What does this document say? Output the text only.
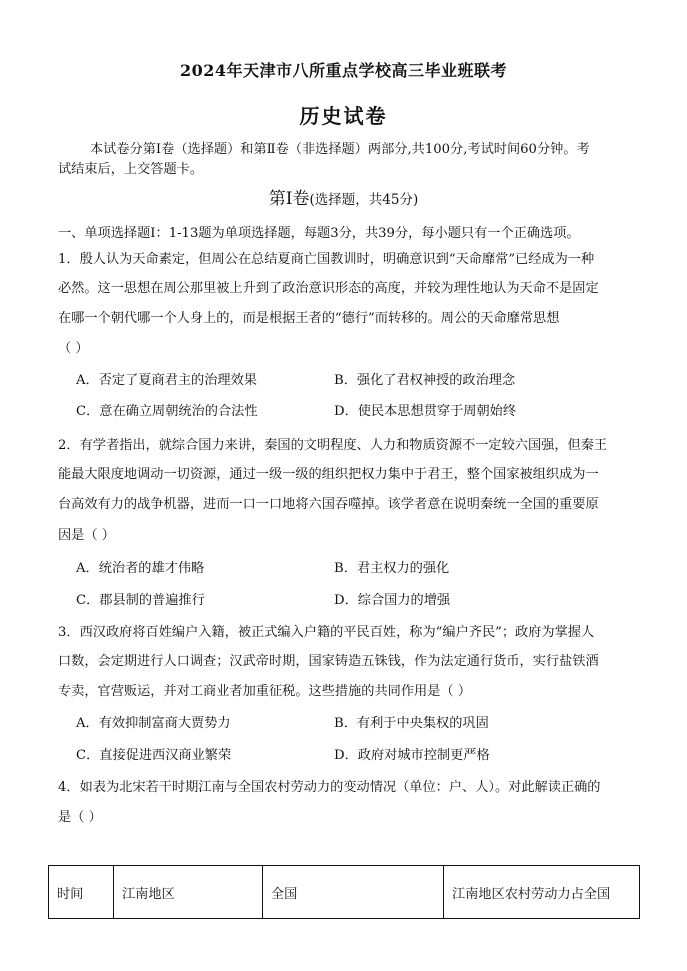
2024年天津市八所重点学校高三毕业班联考
历史试卷
本试卷分第Ⅰ卷（选择题）和第Ⅱ卷（非选择题）两部分,共100分,考试时间60分钟。考
试结束后，上交答题卡。
第Ⅰ卷(选择题，共45分)
一、单项选择题Ⅰ：1-13题为单项选择题，每题3分，共39分，每小题只有一个正确选项。
1．殷人认为天命素定，但周公在总结夏商亡国教训时，明确意识到“天命靡常”已经成为一种
必然。这一思想在周公那里被上升到了政治意识形态的高度，并较为理性地认为天命不是固定
在哪一个朝代哪一个人身上的，而是根据王者的“德行”而转移的。周公的天命靡常思想
（ ）
A．否定了夏商君主的治理效果	B．强化了君权神授的政治理念
C．意在确立周朝统治的合法性	D．使民本思想贯穿于周朝始终
2．有学者指出，就综合国力来讲，秦国的文明程度、人力和物质资源不一定较六国强，但秦王
能最大限度地调动一切资源，通过一级一级的组织把权力集中于君王，整个国家被组织成为一
台高效有力的战争机器，进而一口一口地将六国吞噬掉。该学者意在说明秦统一全国的重要原
因是（ ）
A．统治者的雄才伟略	B．君主权力的强化
C．郡县制的普遍推行	D．综合国力的增强
3．西汉政府将百姓编户入籍，被正式编入户籍的平民百姓，称为“编户齐民”；政府为掌握人
口数，会定期进行人口调查；汉武帝时期，国家铸造五铢钱，作为法定通行货币，实行盐铁酒
专卖，官营贩运，并对工商业者加重征税。这些措施的共同作用是（ ）
A．有效抑制富商大贾势力	B．有利于中央集权的巩固
C．直接促进西汉商业繁荣	D．政府对城市控制更严格
4．如表为北宋若干时期江南与全国农村劳动力的变动情况（单位：户、人）。对此解读正确的
是（ ）
时间	江南地区	全国	江南地区农村劳动力占全国
